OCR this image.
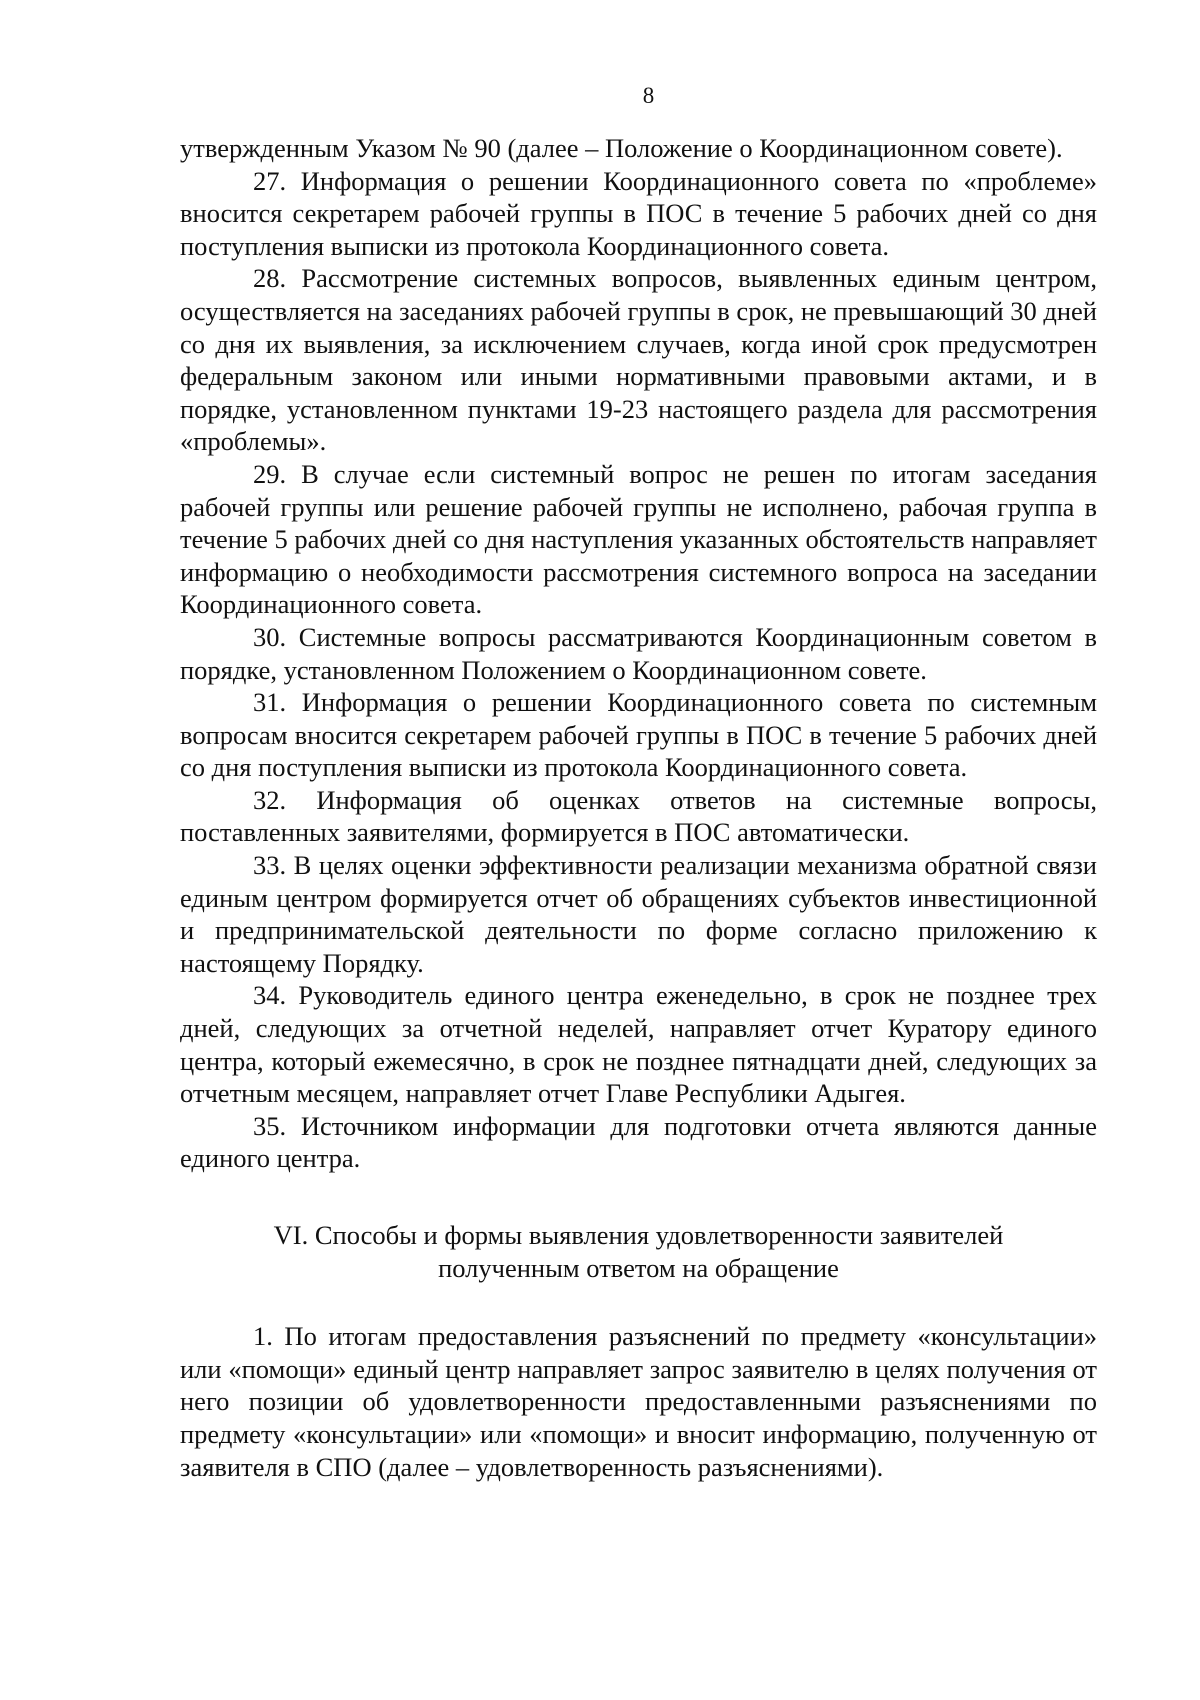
8

утвержденным Указом № 90 (далее – Положение о Координационном совете).

27. Информация о решении Координационного совета по «проблеме» вносится секретарем рабочей группы в ПОС в течение 5 рабочих дней со дня поступления выписки из протокола Координационного совета.

28. Рассмотрение системных вопросов, выявленных единым центром, осуществляется на заседаниях рабочей группы в срок, не превышающий 30 дней со дня их выявления, за исключением случаев, когда иной срок предусмотрен федеральным законом или иными нормативными правовыми актами, и в порядке, установленном пунктами 19-23 настоящего раздела для рассмотрения «проблемы».

29. В случае если системный вопрос не решен по итогам заседания рабочей группы или решение рабочей группы не исполнено, рабочая группа в течение 5 рабочих дней со дня наступления указанных обстоятельств направляет информацию о необходимости рассмотрения системного вопроса на заседании Координационного совета.

30. Системные вопросы рассматриваются Координационным советом в порядке, установленном Положением о Координационном совете.

31. Информация о решении Координационного совета по системным вопросам вносится секретарем рабочей группы в ПОС в течение 5 рабочих дней со дня поступления выписки из протокола Координационного совета.

32. Информация об оценках ответов на системные вопросы, поставленных заявителями, формируется в ПОС автоматически.

33. В целях оценки эффективности реализации механизма обратной связи единым центром формируется отчет об обращениях субъектов инвестиционной и предпринимательской деятельности по форме согласно приложению к настоящему Порядку.

34. Руководитель единого центра еженедельно, в срок не позднее трех дней, следующих за отчетной неделей, направляет отчет Куратору единого центра, который ежемесячно, в срок не позднее пятнадцати дней, следующих за отчетным месяцем, направляет отчет Главе Республики Адыгея.

35. Источником информации для подготовки отчета являются данные единого центра.

VI. Способы и формы выявления удовлетворенности заявителей
полученным ответом на обращение

1. По итогам предоставления разъяснений по предмету «консультации» или «помощи» единый центр направляет запрос заявителю в целях получения от него позиции об удовлетворенности предоставленными разъяснениями по предмету «консультации» или «помощи» и вносит информацию, полученную от заявителя в СПО (далее – удовлетворенность разъяснениями).
